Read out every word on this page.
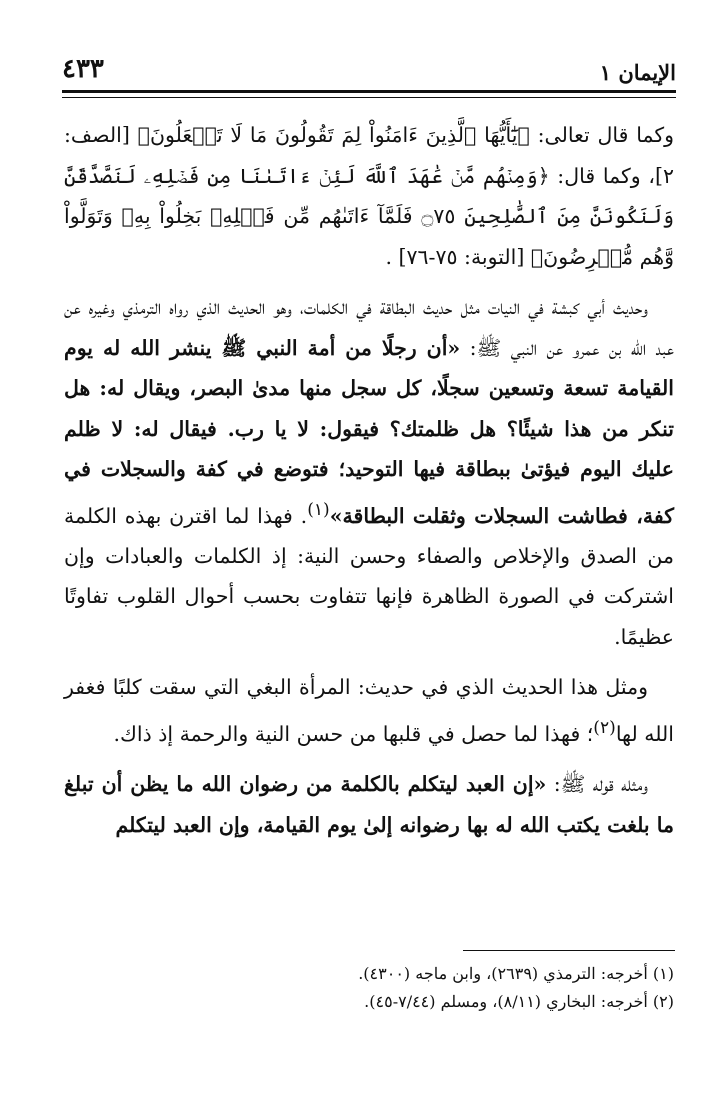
الإيمان ١
٤٣٣

وكما قال تعالى: ﴿يَٰٓأَيُّهَا ٱلَّذِينَ ءَامَنُواْ لِمَ تَقُولُونَ مَا لَا تَفۡعَلُونَ﴾ [الصف: ٢]، وكما قال: ﴿وَمِنۡهُم مَّنۡ عَٰهَدَ ٱللَّهَ لَئِنۡ ءَاتَىٰنَا مِن فَضۡلِهِۦ لَنَصَّدَّقَنَّ وَلَنَكُونَنَّ مِنَ ٱلصَّٰلِحِينَ ۝٧٥ فَلَمَّآ ءَاتَىٰهُم مِّن فَضۡلِهِۦ بَخِلُواْ بِهِۦ وَتَوَلَّواْ وَّهُم مُّعۡرِضُونَ﴾ [التوبة: ٧٥-٧٦] .

وحديث أبي كبشة في النيات مثل حديث البطاقة في الكلمات، وهو الحديث الذي رواه الترمذي وغيره عن عبد الله بن عمرو عن النبي ﷺ: «أن رجلًا من أمة النبي ﷺ ينشر الله له يوم القيامة تسعة وتسعين سجلًا، كل سجل منها مدىٰ البصر، ويقال له: هل تنكر من هذا شيئًا؟ هل ظلمتك؟ فيقول: لا يا رب. فيقال له: لا ظلم عليك اليوم فيؤتىٰ ببطاقة فيها التوحيد؛ فتوضع في كفة والسجلات في كفة، فطاشت السجلات وثقلت البطاقة»$^{(١)}$. فهذا لما اقترن بهذه الكلمة من الصدق والإخلاص والصفاء وحسن النية: إذ الكلمات والعبادات وإن اشتركت في الصورة الظاهرة فإنها تتفاوت بحسب أحوال القلوب تفاوتًا عظيمًا.

ومثل هذا الحديث الذي في حديث: المرأة البغي التي سقت كلبًا فغفر الله لها$^{(٢)}$؛ فهذا لما حصل في قلبها من حسن النية والرحمة إذ ذاك.

ومثله قوله ﷺ: «إن العبد ليتكلم بالكلمة من رضوان الله ما يظن أن تبلغ ما بلغت يكتب الله له بها رضوانه إلىٰ يوم القيامة، وإن العبد ليتكلم

(١) أخرجه: الترمذي (٢٦٣٩)، وابن ماجه (٤٣٠٠).
(٢) أخرجه: البخاري (٨/١١)، ومسلم (٧/٤٤-٤٥).
